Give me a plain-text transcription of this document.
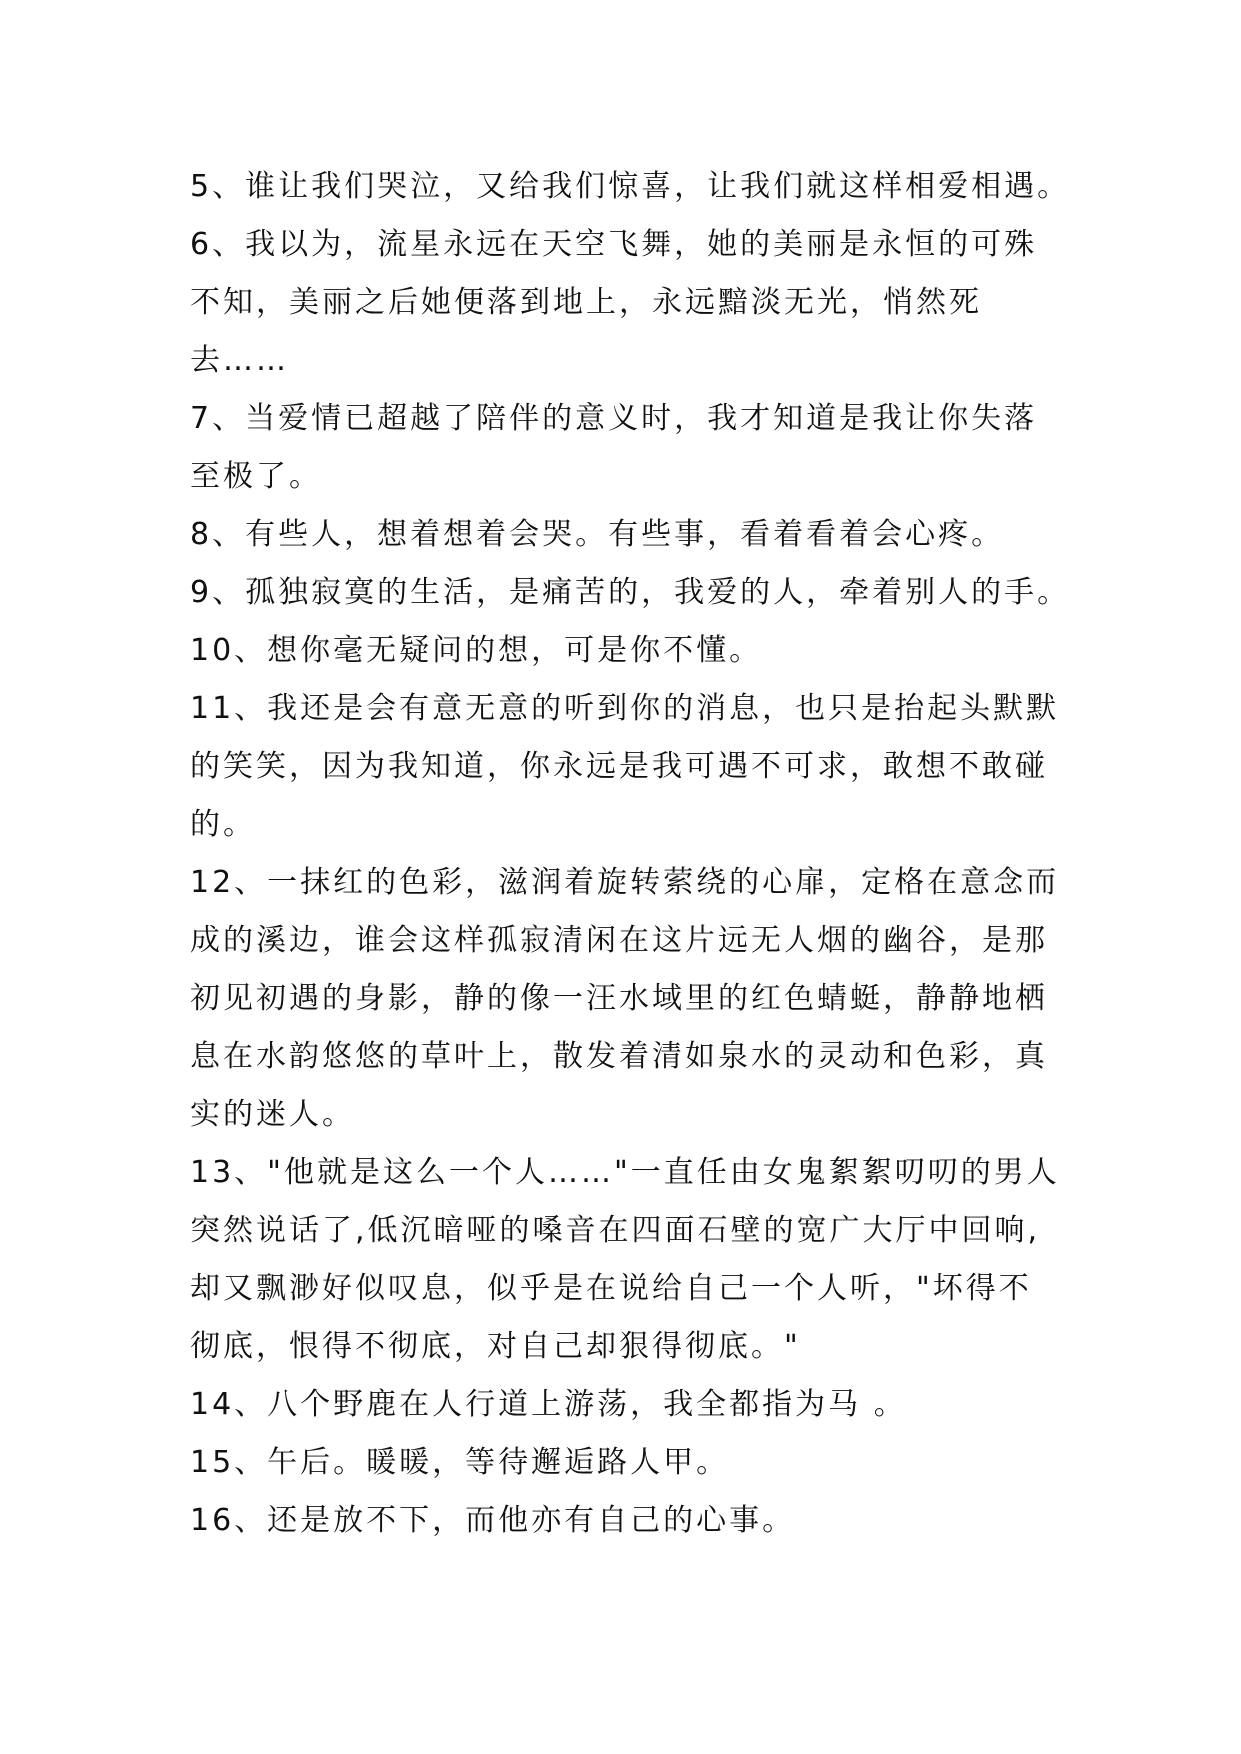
5、谁让我们哭泣，又给我们惊喜，让我们就这样相爱相遇。
6、我以为，流星永远在天空飞舞，她的美丽是永恒的可殊
不知，美丽之后她便落到地上，永远黯淡无光，悄然死
去……
7、当爱情已超越了陪伴的意义时，我才知道是我让你失落
至极了。
8、有些人，想着想着会哭。有些事，看着看着会心疼。
9、孤独寂寞的生活，是痛苦的，我爱的人，牵着别人的手。
10、想你毫无疑问的想，可是你不懂。
11、我还是会有意无意的听到你的消息，也只是抬起头默默
的笑笑，因为我知道，你永远是我可遇不可求，敢想不敢碰
的。
12、一抹红的色彩，滋润着旋转萦绕的心扉，定格在意念而
成的溪边，谁会这样孤寂清闲在这片远无人烟的幽谷，是那
初见初遇的身影，静的像一汪水域里的红色蜻蜓，静静地栖
息在水韵悠悠的草叶上，散发着清如泉水的灵动和色彩，真
实的迷人。
13、"他就是这么一个人……"一直任由女鬼絮絮叨叨的男人
突然说话了,低沉暗哑的嗓音在四面石壁的宽广大厅中回响,
却又飘渺好似叹息，似乎是在说给自己一个人听，"坏得不
彻底，恨得不彻底，对自己却狠得彻底。"
14、八个野鹿在人行道上游荡，我全都指为马 。
15、午后。暖暖，等待邂逅路人甲。
16、还是放不下，而他亦有自己的心事。
